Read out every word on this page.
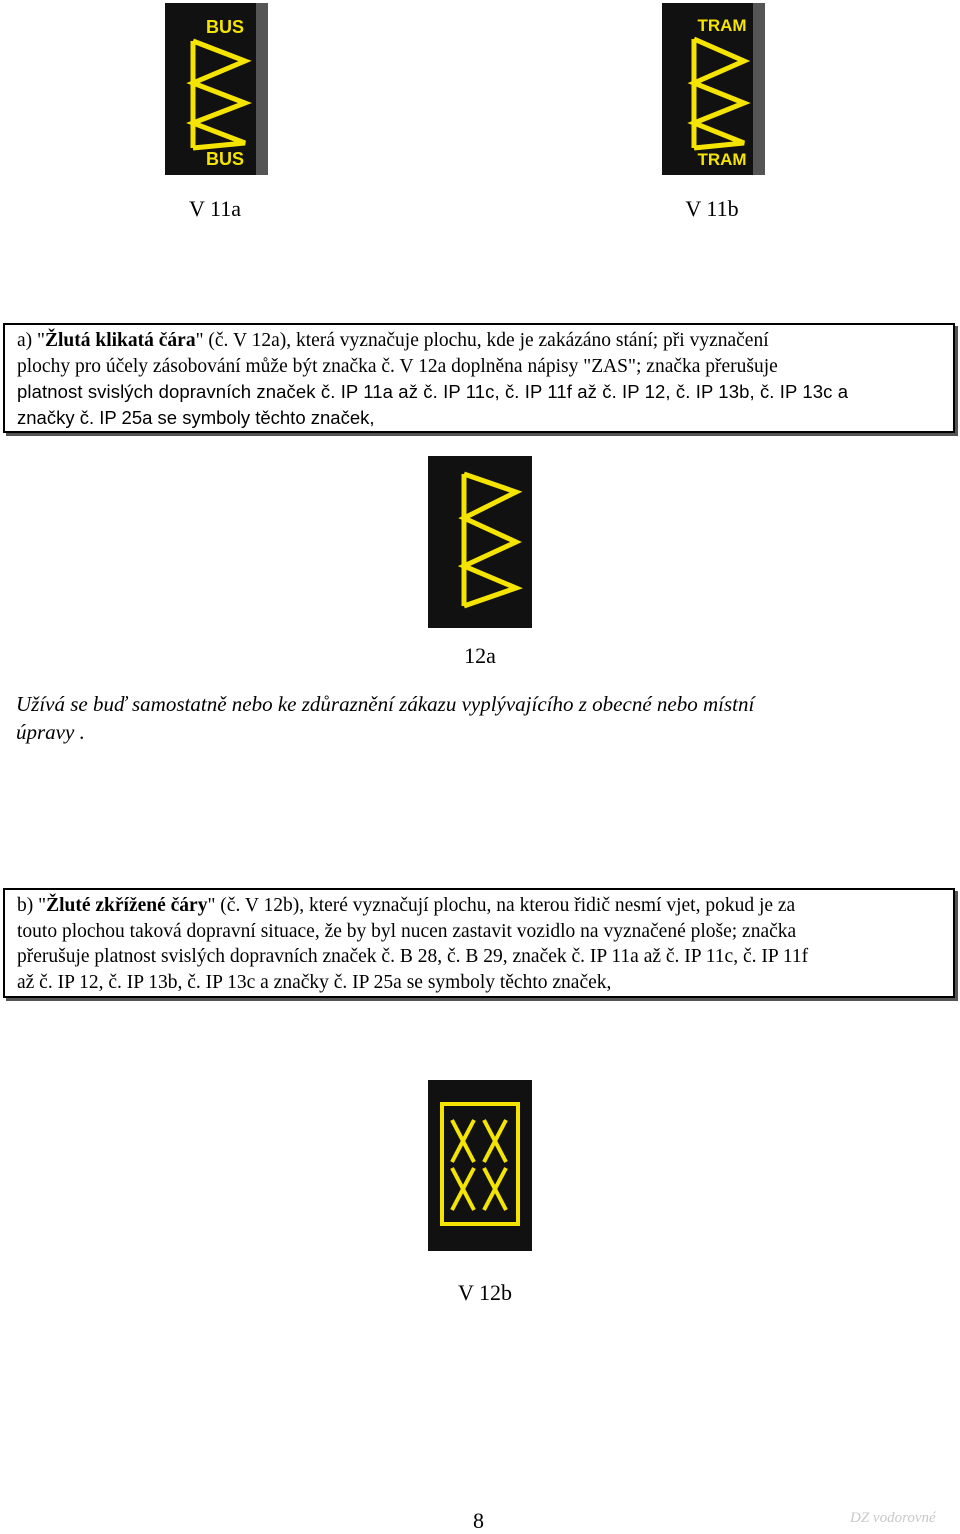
BUS
BUS
V 11a
TRAM
TRAM
V 11b
a) "Žlutá klikatá čára" (č. V 12a), která vyznačuje plochu, kde je zakázáno stání; při vyznačení
plochy pro účely zásobování může být značka č. V 12a doplněna nápisy "ZAS"; značka přerušuje
platnost svislých dopravních značek č. IP 11a až č. IP 11c, č. IP 11f až č. IP 12, č. IP 13b, č. IP 13c a
značky č. IP 25a se symboly těchto značek,
12a
Užívá se buď samostatně nebo ke zdůraznění zákazu vyplývajícího z obecné nebo místní
úpravy .
b) "Žluté zkřížené čáry" (č. V 12b), které vyznačují plochu, na kterou řidič nesmí vjet, pokud je za
touto plochou taková dopravní situace, že by byl nucen zastavit vozidlo na vyznačené ploše; značka
přerušuje platnost svislých dopravních značek č. B 28, č. B 29, značek č. IP 11a až č. IP 11c, č. IP 11f
až č. IP 12, č. IP 13b, č. IP 13c a značky č. IP 25a se symboly těchto značek,
V 12b
8	DZ vodorovné
